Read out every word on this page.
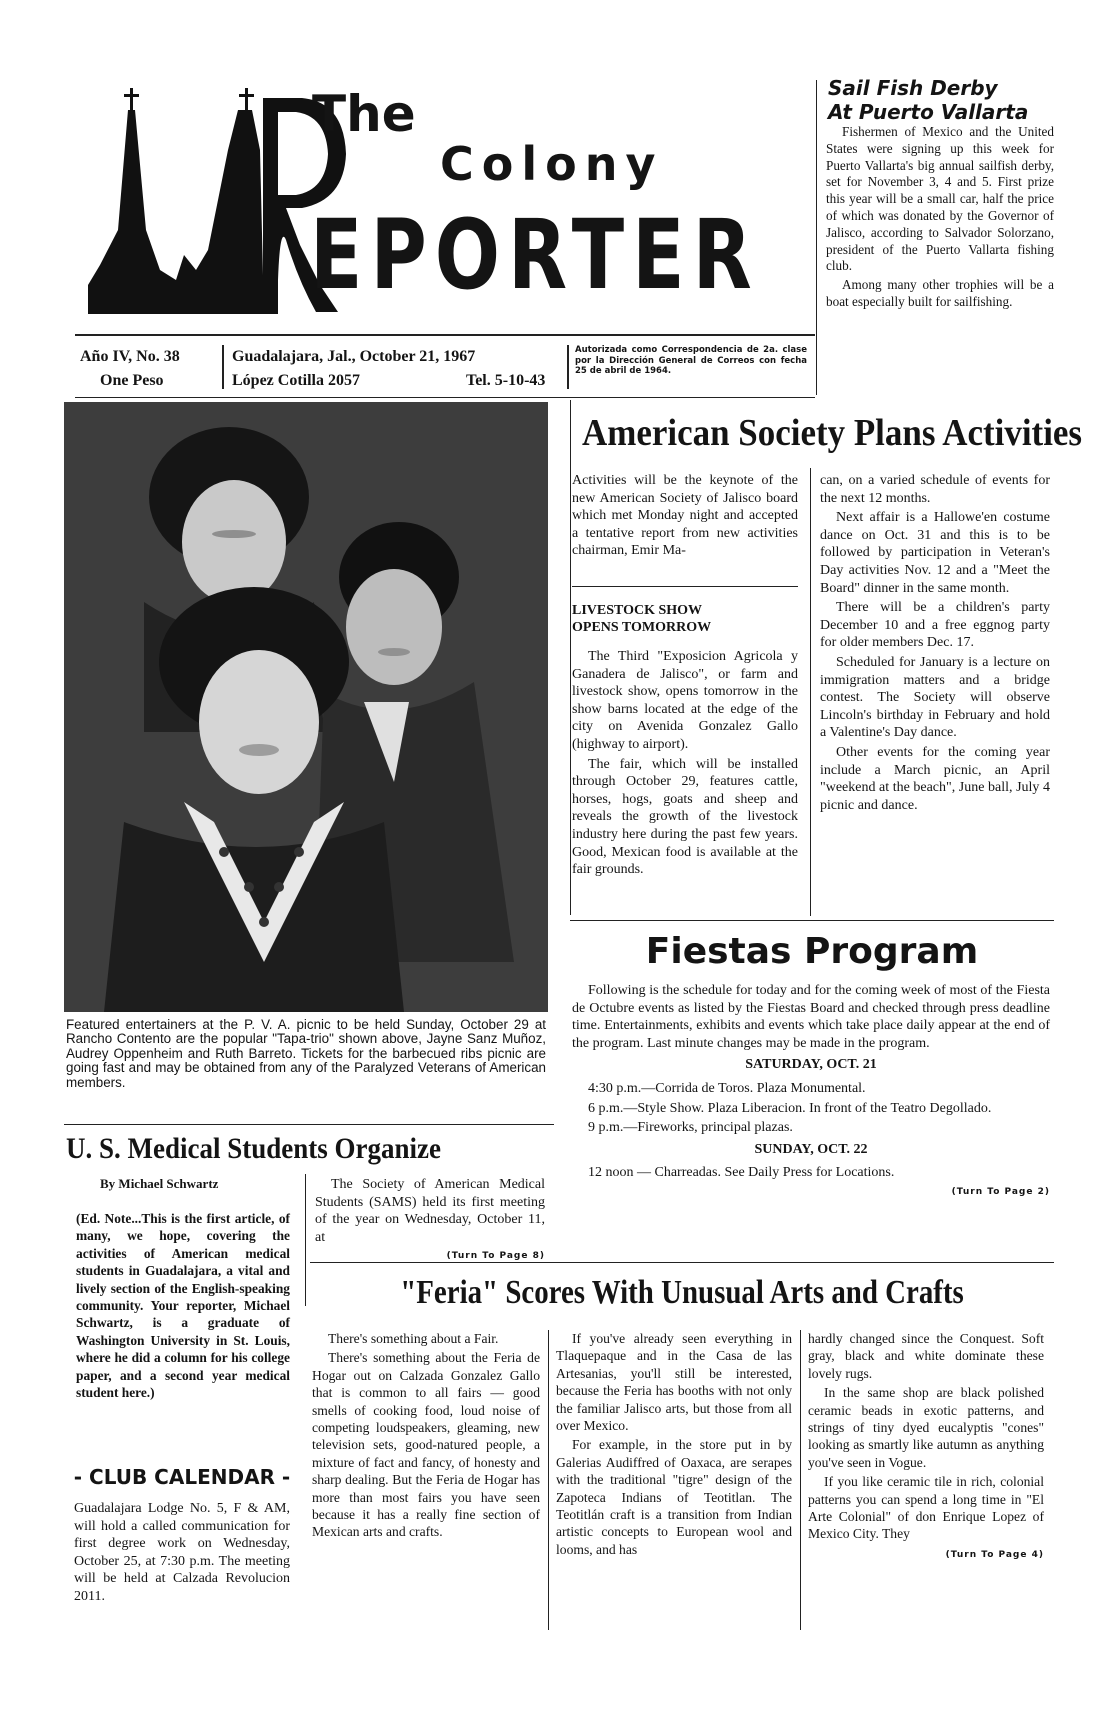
The
Colony
EPORTER
Año IV, No. 38
One Peso
Guadalajara, Jal., October 21, 1967
López Cotilla 2057	Tel. 5-10-43
Autorizada como Correspondencia de 2a. clase por la Dirección General de Correos con fecha 25 de abril de 1964.
Sail Fish Derby
At Puerto Vallarta

Fishermen of Mexico and the United States were signing up this week for Puerto Vallarta's big annual sailfish derby, set for November 3, 4 and 5. First prize this year will be a small car, half the price of which was donated by the Governor of Jalisco, according to Salvador Solorzano, president of the Puerto Vallarta fishing club.

Among many other trophies will be a boat especially built for sailfishing.

Featured entertainers at the P. V. A. picnic to be held Sunday, October 29 at Rancho Contento are the popular "Tapa-trio" shown above, Jayne Sanz Muñoz, Audrey Oppenheim and Ruth Barreto. Tickets for the barbecued ribs picnic are going fast and may be obtained from any of the Paralyzed Veterans of American members.
American Society Plans Activities
Activities will be the keynote of the new American Society of Jalisco board which met Monday night and accepted a tentative report from new activities chairman, Emir Ma-
LIVESTOCK SHOW OPENS TOMORROW

The Third "Exposicion Agricola y Ganadera de Jalisco", or farm and livestock show, opens tomorrow in the show barns located at the edge of the city on Avenida Gonzalez Gallo (highway to airport).

The fair, which will be installed through October 29, features cattle, horses, hogs, goats and sheep and reveals the growth of the livestock industry here during the past few years. Good, Mexican food is available at the fair grounds.

can, on a varied schedule of events for the next 12 months.

Next affair is a Hallowe'en costume dance on Oct. 31 and this is to be followed by participation in Veteran's Day activities Nov. 12 and a "Meet the Board" dinner in the same month.

There will be a children's party December 10 and a free eggnog party for older members Dec. 17.

Scheduled for January is a lecture on immigration matters and a bridge contest. The Society will observe Lincoln's birthday in February and hold a Valentine's Day dance.

Other events for the coming year include a March picnic, an April "weekend at the beach", June ball, July 4 picnic and dance.

Fiestas Program

Following is the schedule for today and for the coming week of most of the Fiesta de Octubre events as listed by the Fiestas Board and checked through press deadline time. Entertainments, exhibits and events which take place daily appear at the end of the program. Last minute changes may be made in the program.

SATURDAY, OCT. 21

4:30 p.m.—Corrida de Toros. Plaza Monumental.

6 p.m.—Style Show. Plaza Liberacion. In front of the Teatro Degollado.

9 p.m.—Fireworks, principal plazas.

SUNDAY, OCT. 22

12 noon — Charreadas. See Daily Press for Locations.

(Turn To Page 2)
U. S. Medical Students Organize
By Michael Schwartz
(Ed. Note...This is the first article, of many, we hope, covering the activities of American medical students in Guadalajara, a vital and lively section of the English-speaking community. Your reporter, Michael Schwartz, is a graduate of Washington University in St. Louis, where he did a column for his college paper, and a second year medical student here.)

The Society of American Medical Students (SAMS) held its first meeting of the year on Wednesday, October 11, at

(Turn To Page 8)
- CLUB CALENDAR -
Guadalajara Lodge No. 5, F & AM, will hold a called communication for first degree work on Wednesday, October 25, at 7:30 p.m. The meeting will be held at Calzada Revolucion 2011.
"Feria" Scores With Unusual Arts and Crafts

There's something about a Fair.

There's something about the Feria de Hogar out on Calzada Gonzalez Gallo that is common to all fairs — good smells of cooking food, loud noise of competing loudspeakers, gleaming, new television sets, good-natured people, a mixture of fact and fancy, of honesty and sharp dealing. But the Feria de Hogar has more than most fairs you have seen because it has a really fine section of Mexican arts and crafts.

If you've already seen everything in Tlaquepaque and in the Casa de las Artesanias, you'll still be interested, because the Feria has booths with not only the familiar Jalisco arts, but those from all over Mexico.

For example, in the store put in by Galerias Audiffred of Oaxaca, are serapes with the traditional "tigre" design of the Zapoteca Indians of Teotitlan. The Teotitlán craft is a transition from Indian artistic concepts to European wool and looms, and has

hardly changed since the Conquest. Soft gray, black and white dominate these lovely rugs.

In the same shop are black polished ceramic beads in exotic patterns, and strings of tiny dyed eucalyptis "cones" looking as smartly like autumn as anything you've seen in Vogue.

If you like ceramic tile in rich, colonial patterns you can spend a long time in "El Arte Colonial" of don Enrique Lopez of Mexico City. They

(Turn To Page 4)
